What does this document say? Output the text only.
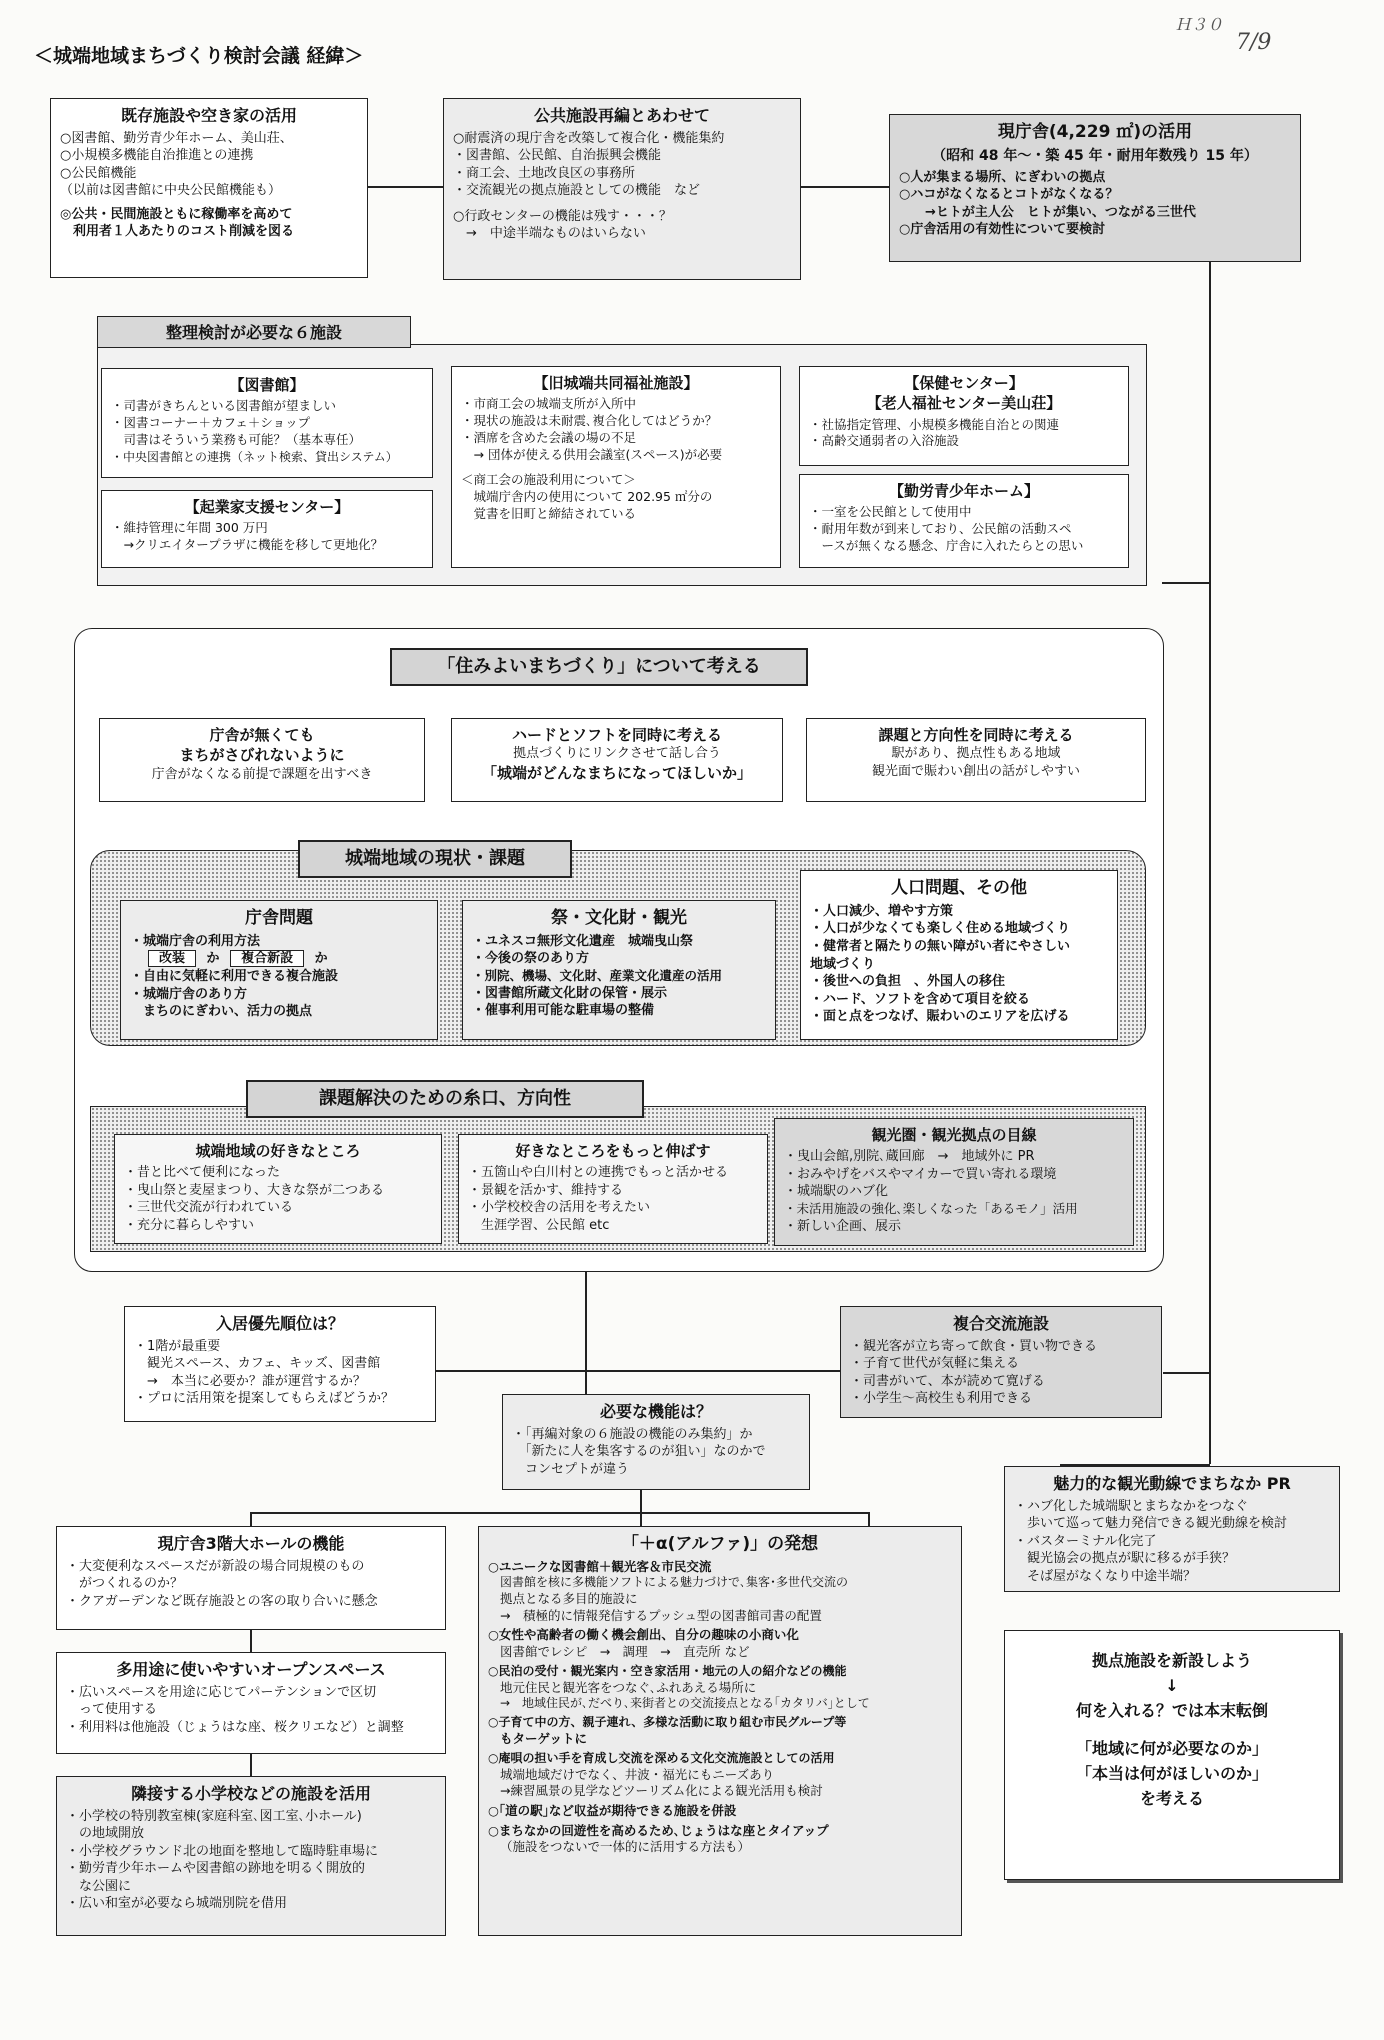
＜城端地域まちづくり検討会議 経緯＞
Ｈ３０
7/9
既存施設や空き家の活用
○図書館、勤労青少年ホーム、美山荘、
○小規模多機能自治推進との連携
○公民館機能
（以前は図書館に中央公民館機能も）
◎公共・民間施設ともに稼働率を高めて
　利用者１人あたりのコスト削減を図る
公共施設再編とあわせて
○耐震済の現庁舎を改築して複合化・機能集約
・図書館、公民館、自治振興会機能
・商工会、土地改良区の事務所
・交流観光の拠点施設としての機能　など
○行政センターの機能は残す・・・？
　→　中途半端なものはいらない
現庁舎(4,229 ㎡)の活用
（昭和 48 年～・築 45 年・耐用年数残り 15 年）
○人が集まる場所、にぎわいの拠点
○ハコがなくなるとコトがなくなる？
　　→ヒトが主人公　ヒトが集い、つながる三世代
○庁舎活用の有効性について要検討
整理検討が必要な６施設
【図書館】
・司書がきちんといる図書館が望ましい
・図書コーナー＋カフェ＋ショップ
　司書はそういう業務も可能？（基本専任）
・中央図書館との連携（ネット検索、貸出システム）
【起業家支援センター】
・維持管理に年間 300 万円
　→クリエイタープラザに機能を移して更地化？
【旧城端共同福祉施設】
・市商工会の城端支所が入所中
・現状の施設は未耐震､複合化してはどうか？
・酒席を含めた会議の場の不足
　→ 団体が使える供用会議室(スペース)が必要
＜商工会の施設利用について＞
　城端庁舎内の使用について 202.95 ㎡分の
　覚書を旧町と締結されている
【保健センター】
【老人福祉センター美山荘】
・社協指定管理、小規模多機能自治との関連
・高齢交通弱者の入浴施設
【勤労青少年ホーム】
・一室を公民館として使用中
・耐用年数が到来しており、公民館の活動スペ
　ースが無くなる懸念、庁舎に入れたらとの思い
「住みよいまちづくり」について考える
庁舎が無くても
まちがさびれないように
庁舎がなくなる前提で課題を出すべき
ハードとソフトを同時に考える
拠点づくりにリンクさせて話し合う
「城端がどんなまちになってほしいか」
課題と方向性を同時に考える
駅があり、拠点性もある地域
観光面で賑わい創出の話がしやすい
城端地域の現状・課題
庁舎問題
・城端庁舎の利用方法
改装 か 複合新設 か
・自由に気軽に利用できる複合施設
・城端庁舎のあり方
　まちのにぎわい、活力の拠点
祭・文化財・観光
・ユネスコ無形文化遺産　城端曳山祭
・今後の祭のあり方
・別院、機場、文化財、産業文化遺産の活用
・図書館所蔵文化財の保管・展示
・催事利用可能な駐車場の整備
人口問題、その他
・人口減少、増やす方策
・人口が少なくても楽しく住める地域づくり
・健常者と隔たりの無い障がい者にやさしい
地域づくり
・後世への負担　、外国人の移住
・ハード、ソフトを含めて項目を絞る
・面と点をつなげ、賑わいのエリアを広げる
課題解決のための糸口、方向性
城端地域の好きなところ
・昔と比べて便利になった
・曳山祭と麦屋まつり、大きな祭が二つある
・三世代交流が行われている
・充分に暮らしやすい
好きなところをもっと伸ばす
・五箇山や白川村との連携でもっと活かせる
・景観を活かす、維持する
・小学校校舎の活用を考えたい
　生涯学習、公民館 etc
観光圏・観光拠点の目線
・曳山会館,別院､蔵回廊　→　地域外に PR
・おみやげをバスやマイカーで買い寄れる環境
・城端駅のハブ化
・未活用施設の強化､楽しくなった「あるモノ」活用
・新しい企画、展示
入居優先順位は？
・1階が最重要
　観光スペース、カフェ、キッズ、図書館
　→　本当に必要か？誰が運営するか？
・プロに活用策を提案してもらえばどうか？
複合交流施設
・観光客が立ち寄って飲食・買い物できる
・子育て世代が気軽に集える
・司書がいて、本が読めて寛げる
・小学生～高校生も利用できる
必要な機能は？
・「再編対象の６施設の機能のみ集約」か
　「新たに人を集客するのが狙い」なのかで
　コンセプトが違う
魅力的な観光動線でまちなか PR
・ハブ化した城端駅とまちなかをつなぐ
　歩いて巡って魅力発信できる観光動線を検討
・バスターミナル化完了
　観光協会の拠点が駅に移るが手狭？
　そば屋がなくなり中途半端？
現庁舎3階大ホールの機能
・大変便利なスペースだが新設の場合同規模のもの
　がつくれるのか？
・クアガーデンなど既存施設との客の取り合いに懸念
多用途に使いやすいオープンスペース
・広いスペースを用途に応じてパーテンションで区切
　って使用する
・利用料は他施設（じょうはな座、桜クリエなど）と調整
隣接する小学校などの施設を活用
・小学校の特別教室棟(家庭科室､図工室､小ホール)
　の地域開放
・小学校グラウンド北の地面を整地して臨時駐車場に
・勤労青少年ホームや図書館の跡地を明るく開放的
　な公園に
・広い和室が必要なら城端別院を借用
「＋α(アルファ)」の発想
○ユニークな図書館＋観光客＆市民交流
図書館を核に多機能ソフトによる魅力づけで､集客･多世代交流の
拠点となる多目的施設に
→　積極的に情報発信するプッシュ型の図書館司書の配置
○女性や高齢者の働く機会創出、自分の趣味の小商い化
図書館でレシピ　→　調理　→　直売所 など
○民泊の受付・観光案内・空き家活用・地元の人の紹介などの機能
地元住民と観光客をつなぐ､ふれあえる場所に
→　地域住民が､だべり､来街者との交流接点となる｢カタリバ｣として
○子育て中の方、親子連れ、多様な活動に取り組む市民グループ等
もターゲットに
○庵唄の担い手を育成し交流を深める文化交流施設としての活用
城端地域だけでなく、井波・福光にもニーズあり
→練習風景の見学などツーリズム化による観光活用も検討
○｢道の駅｣など収益が期待できる施設を併設
○まちなかの回遊性を高めるため､じょうはな座とタイアップ
（施設をつないで一体的に活用する方法も）
拠点施設を新設しよう
↓
何を入れる？では本末転倒
「地域に何が必要なのか」
「本当は何がほしいのか」
を考える
